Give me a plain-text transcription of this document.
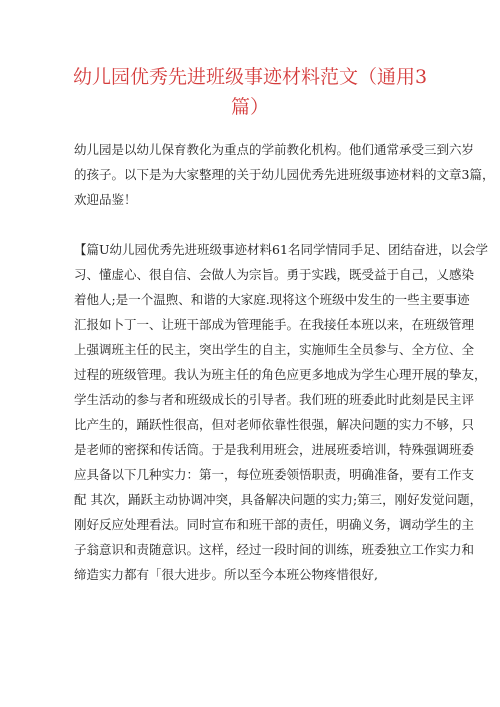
幼儿园优秀先进班级事迹材料范文（通用3
篇）

幼儿园是以幼儿保育教化为重点的学前教化机构。他们通常承受三到六岁

的孩子。以下是为大家整理的关于幼儿园优秀先进班级事迹材料的文章3篇，

欢迎品鉴！

【篇U幼儿园优秀先进班级事迹材料61名同学情同手足、团结奋进，以会学

习、懂虚心、很自信、会做人为宗旨。勇于实践，既受益于自己，乂感染

着他人;是一个温煦、和谐的大家庭.现将这个班级中发生的一些主要事迹

汇报如卜丁一、让班干部成为管理能手。在我接任本班以来，在班级管理

上强调班主任的民主，突出学生的自主，实施师生全员参与、全方位、全

过程的班级管理。我认为班主任的角色应更多地成为学生心理开展的挚友，

学生活动的参与者和班级成长的引导者。我们班的班委此时此刻是民主评

比产生的，踊跃性很高，但对老师依靠性很强，解决问题的实力不够，只

是老师的密探和传话筒。于是我利用班会，进展班委培训，特殊强调班委

应具备以下几种实力：第一，每位班委领悟职责，明确准备，要有工作支

配 其次，踊跃主动协调冲突，具备解决问题的实力;第三，刚好发觉问题，

刚好反应处理看法。同时宣布和班干部的责任，明确义务，调动学生的主

子翁意识和责随意识。这样，经过一段时间的训练，班委独立工作实力和

缔造实力都有「很大进步。所以至今本班公物疼惜很好,
